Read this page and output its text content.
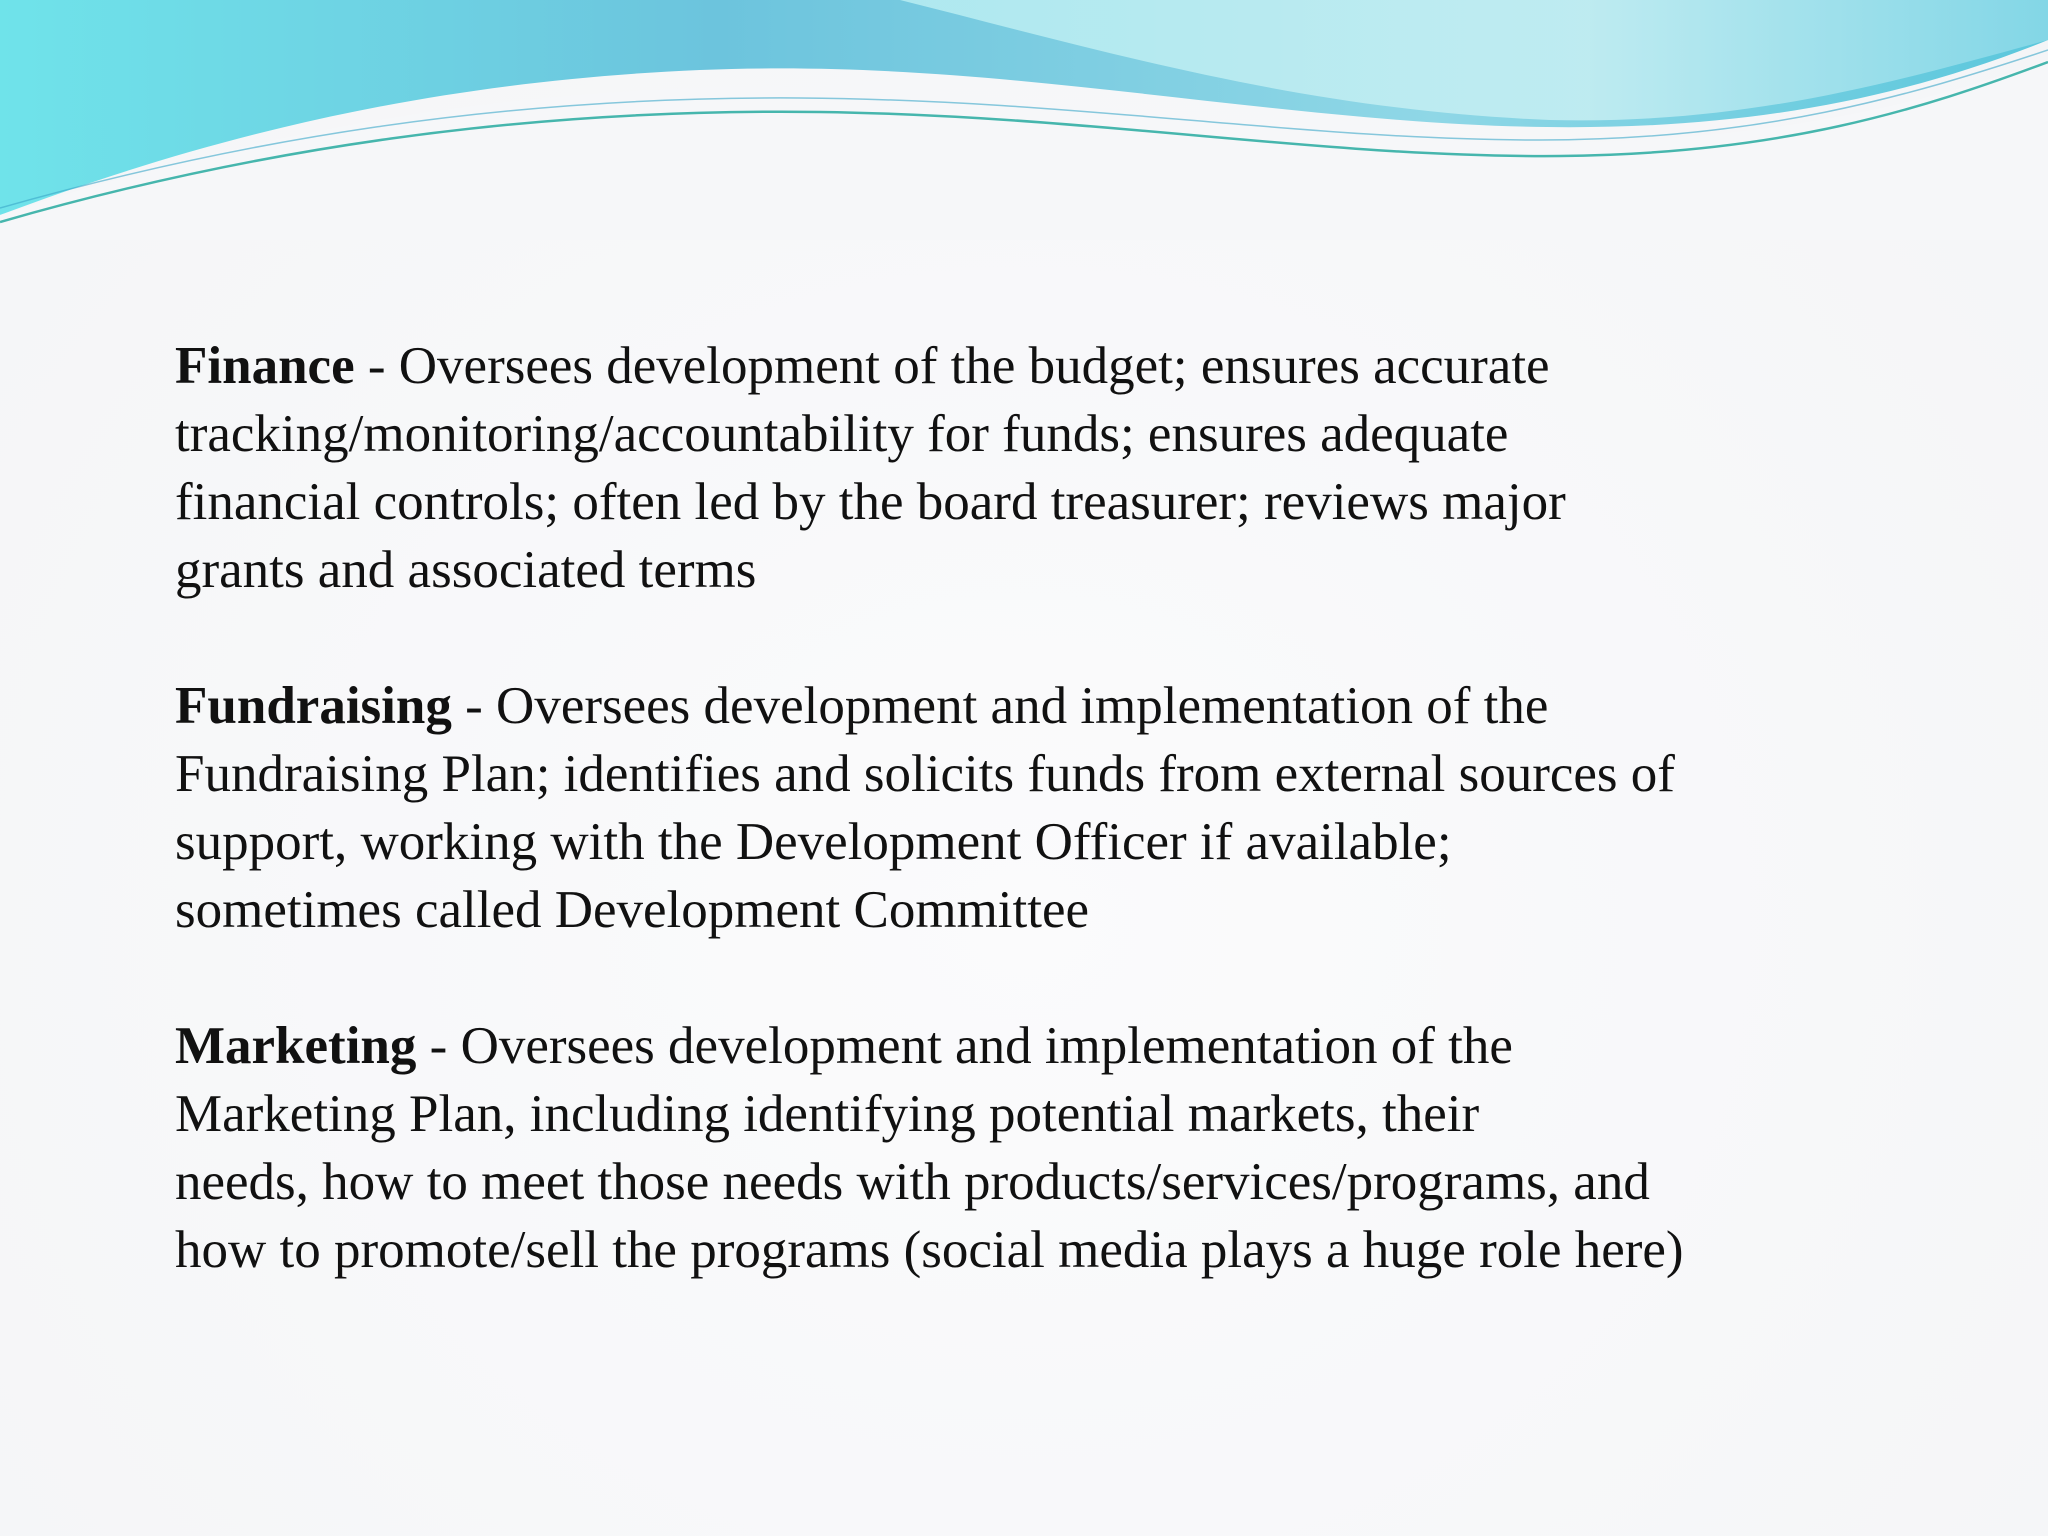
Finance - Oversees development of the budget; ensures accurate
tracking/monitoring/accountability for funds; ensures adequate
financial controls; often led by the board treasurer; reviews major
grants and associated terms

Fundraising - Oversees development and implementation of the
Fundraising Plan; identifies and solicits funds from external sources of
support, working with the Development Officer if available;
sometimes called Development Committee

Marketing - Oversees development and implementation of the
Marketing Plan, including identifying potential markets, their
needs, how to meet those needs with products/services/programs, and
how to promote/sell the programs (social media plays a huge role here)
